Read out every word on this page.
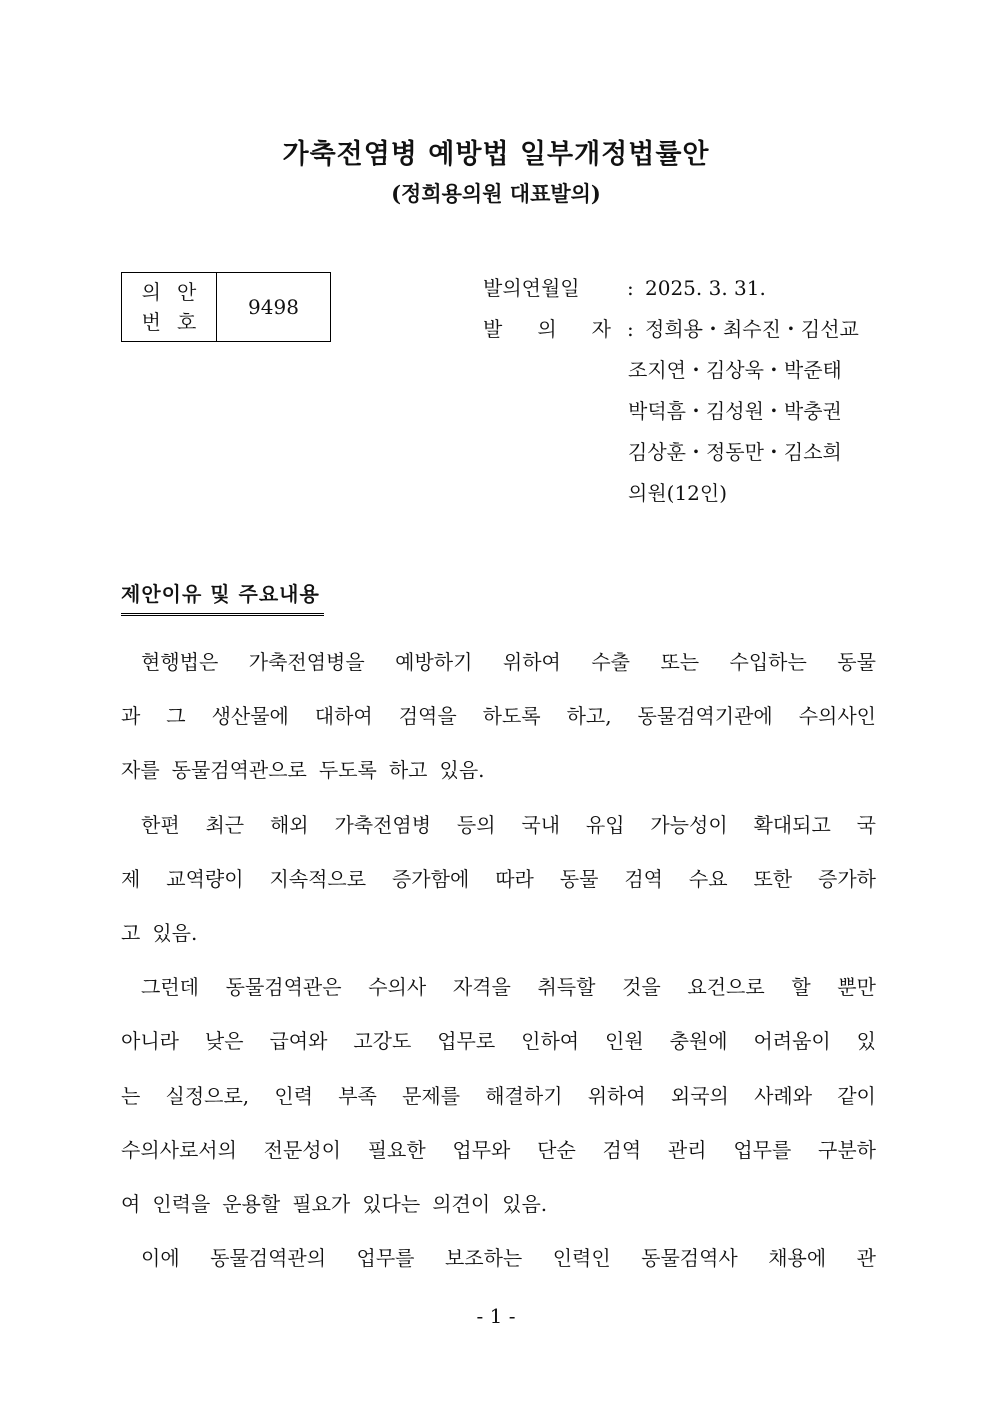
가축전염병 예방법 일부개정법률안
(정희용의원 대표발의)
의안
번호
9498
발의연월일 : 2025. 3. 31.
발 의 자 : 정희용・최수진・김선교
조지연・김상욱・박준태
박덕흠・김성원・박충권
김상훈・정동만・김소희
의원(12인)
제안이유 및 주요내용
현행법은 가축전염병을 예방하기 위하여 수출 또는 수입하는 동물
과 그 생산물에 대하여 검역을 하도록 하고, 동물검역기관에 수의사인
자를 동물검역관으로 두도록 하고 있음.
한편 최근 해외 가축전염병 등의 국내 유입 가능성이 확대되고 국
제 교역량이 지속적으로 증가함에 따라 동물 검역 수요 또한 증가하
고 있음.
그런데 동물검역관은 수의사 자격을 취득할 것을 요건으로 할 뿐만
아니라 낮은 급여와 고강도 업무로 인하여 인원 충원에 어려움이 있
는 실정으로, 인력 부족 문제를 해결하기 위하여 외국의 사례와 같이
수의사로서의 전문성이 필요한 업무와 단순 검역 관리 업무를 구분하
여 인력을 운용할 필요가 있다는 의견이 있음.
이에 동물검역관의 업무를 보조하는 인력인 동물검역사 채용에 관
- 1 -
